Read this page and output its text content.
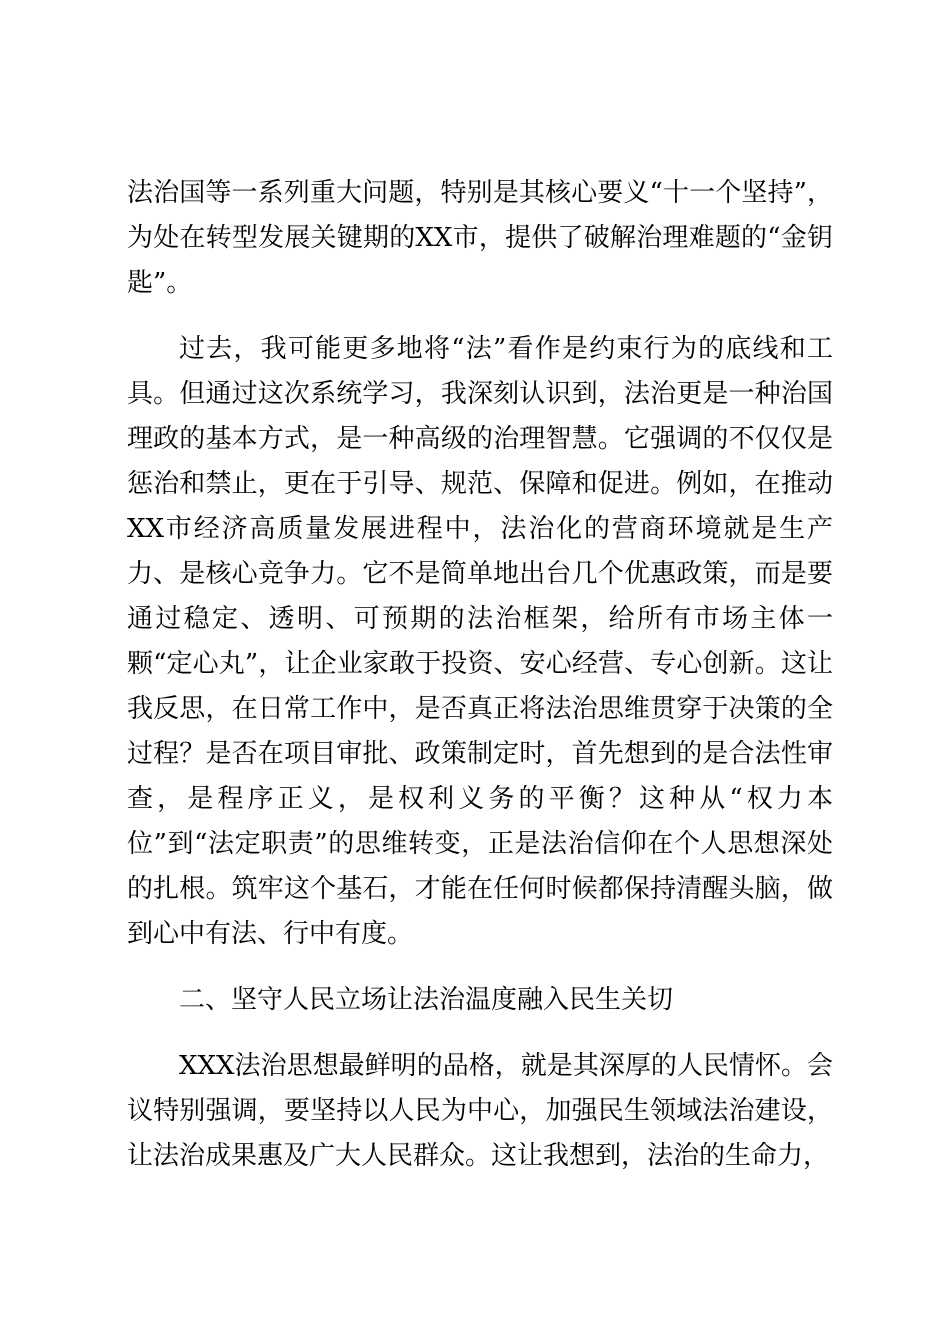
法治国等一系列重大问题，特别是其核心要义“十一个坚持”，为处在转型发展关键期的XX市，提供了破解治理难题的“金钥匙”。

过去，我可能更多地将“法”看作是约束行为的底线和工具。但通过这次系统学习，我深刻认识到，法治更是一种治国理政的基本方式，是一种高级的治理智慧。它强调的不仅仅是惩治和禁止，更在于引导、规范、保障和促进。例如，在推动XX市经济高质量发展进程中，法治化的营商环境就是生产力、是核心竞争力。它不是简单地出台几个优惠政策，而是要通过稳定、透明、可预期的法治框架，给所有市场主体一颗“定心丸”，让企业家敢于投资、安心经营、专心创新。这让我反思，在日常工作中，是否真正将法治思维贯穿于决策的全过程？是否在项目审批、政策制定时，首先想到的是合法性审查，是程序正义，是权利义务的平衡？这种从“权力本位”到“法定职责”的思维转变，正是法治信仰在个人思想深处的扎根。筑牢这个基石，才能在任何时候都保持清醒头脑，做到心中有法、行中有度。

二、坚守人民立场让法治温度融入民生关切

XXX法治思想最鲜明的品格，就是其深厚的人民情怀。会议特别强调，要坚持以人民为中心，加强民生领域法治建设，让法治成果惠及广大人民群众。这让我想到，法治的生命力，
